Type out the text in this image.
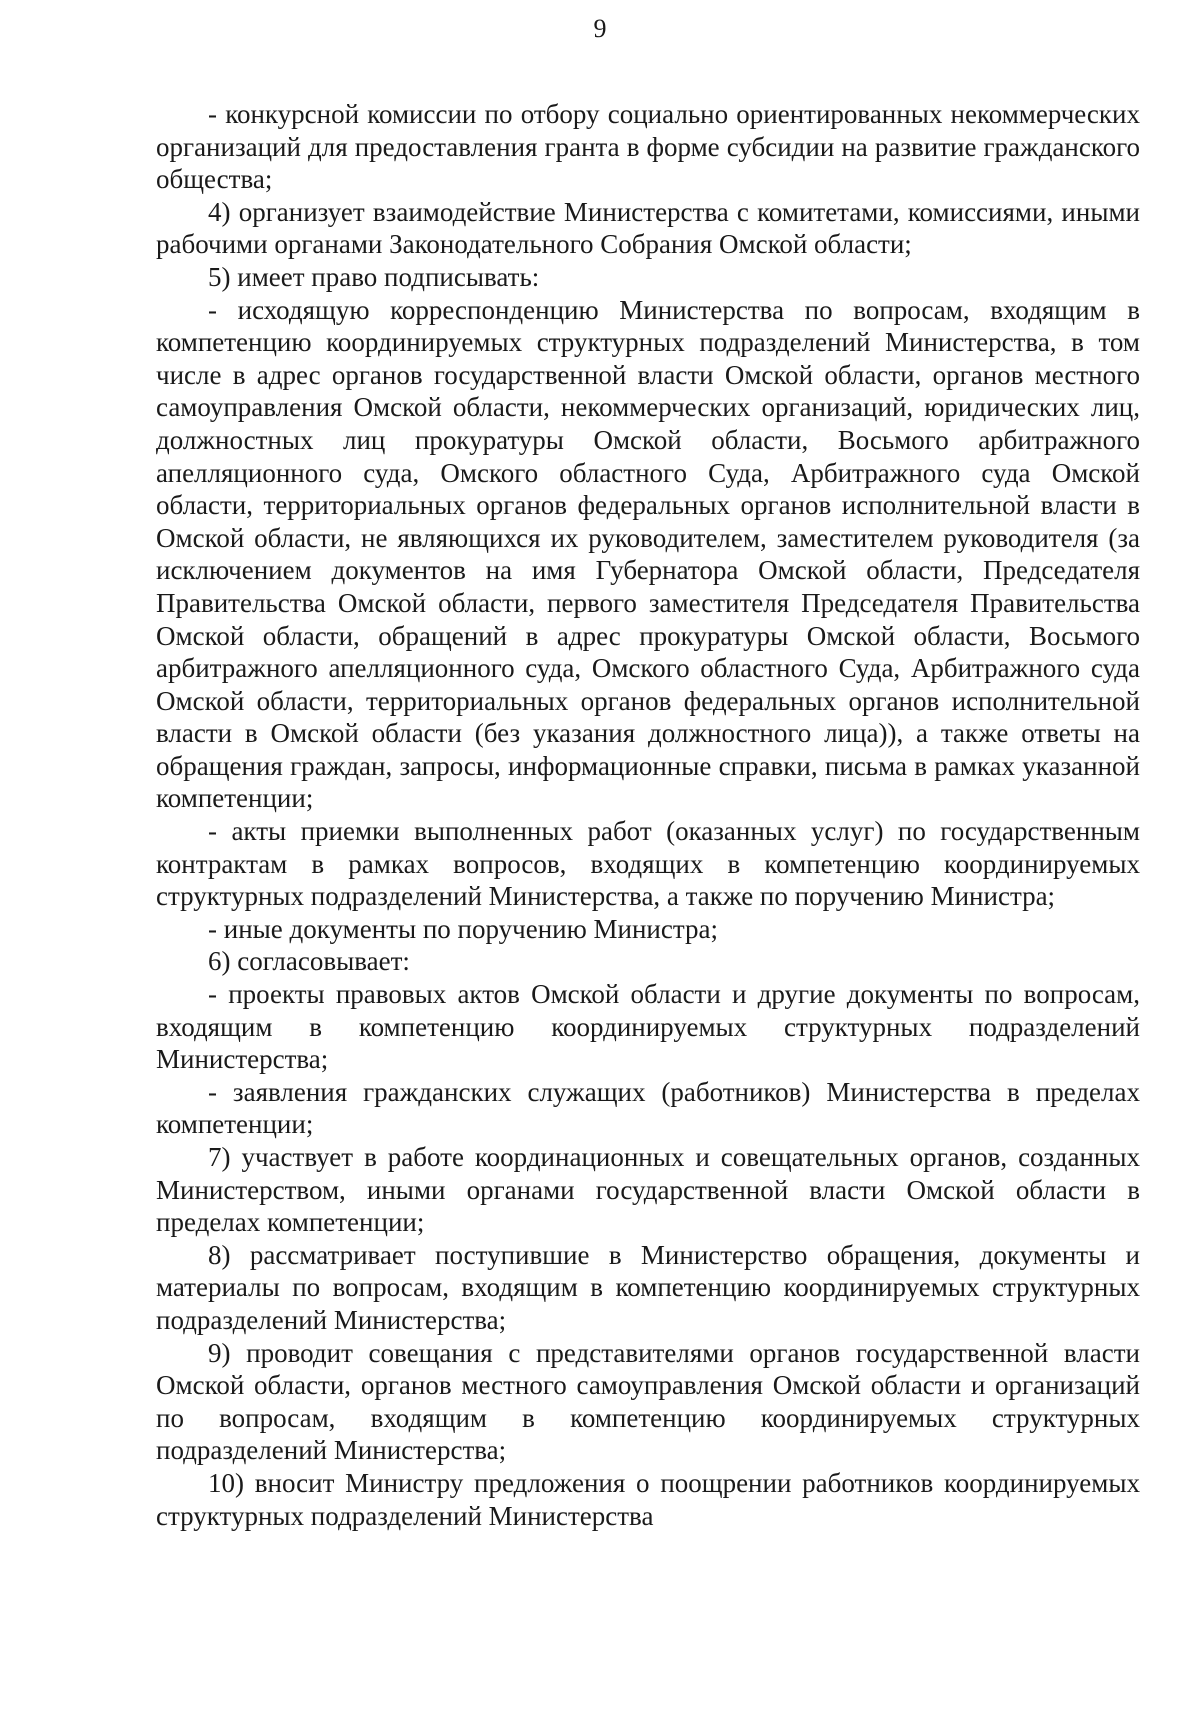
9

- конкурсной комиссии по отбору социально ориентированных некоммерческих организаций для предоставления гранта в форме субсидии на развитие гражданского общества;

4) организует взаимодействие Министерства с комитетами, комиссиями, иными рабочими органами Законодательного Собрания Омской области;

5) имеет право подписывать:

- исходящую корреспонденцию Министерства по вопросам, входящим в компетенцию координируемых структурных подразделений Министерства, в том числе в адрес органов государственной власти Омской области, органов местного самоуправления Омской области, некоммерческих организаций, юридических лиц, должностных лиц прокуратуры Омской области, Восьмого арбитражного апелляционного суда, Омского областного Суда, Арбитражного суда Омской области, территориальных органов федеральных органов исполнительной власти в Омской области, не являющихся их руководителем, заместителем руководителя (за исключением документов на имя Губернатора Омской области, Председателя Правительства Омской области, первого заместителя Председателя Правительства Омской области, обращений в адрес прокуратуры Омской области, Восьмого арбитражного апелляционного суда, Омского областного Суда, Арбитражного суда Омской области, территориальных органов федеральных органов исполнительной власти в Омской области (без указания должностного лица)), а также ответы на обращения граждан, запросы, информационные справки, письма в рамках указанной компетенции;

- акты приемки выполненных работ (оказанных услуг) по государственным контрактам в рамках вопросов, входящих в компетенцию координируемых структурных подразделений Министерства, а также по поручению Министра;

- иные документы по поручению Министра;

6) согласовывает:

- проекты правовых актов Омской области и другие документы по вопросам, входящим в компетенцию координируемых структурных подразделений Министерства;

- заявления гражданских служащих (работников) Министерства в пределах компетенции;

7) участвует в работе координационных и совещательных органов, созданных Министерством, иными органами государственной власти Омской области в пределах компетенции;

8) рассматривает поступившие в Министерство обращения, документы и материалы по вопросам, входящим в компетенцию координируемых структурных подразделений Министерства;

9) проводит совещания с представителями органов государственной власти Омской области, органов местного самоуправления Омской области и организаций по вопросам, входящим в компетенцию координируемых структурных подразделений Министерства;

10) вносит Министру предложения о поощрении работников координируемых структурных подразделений Министерства
